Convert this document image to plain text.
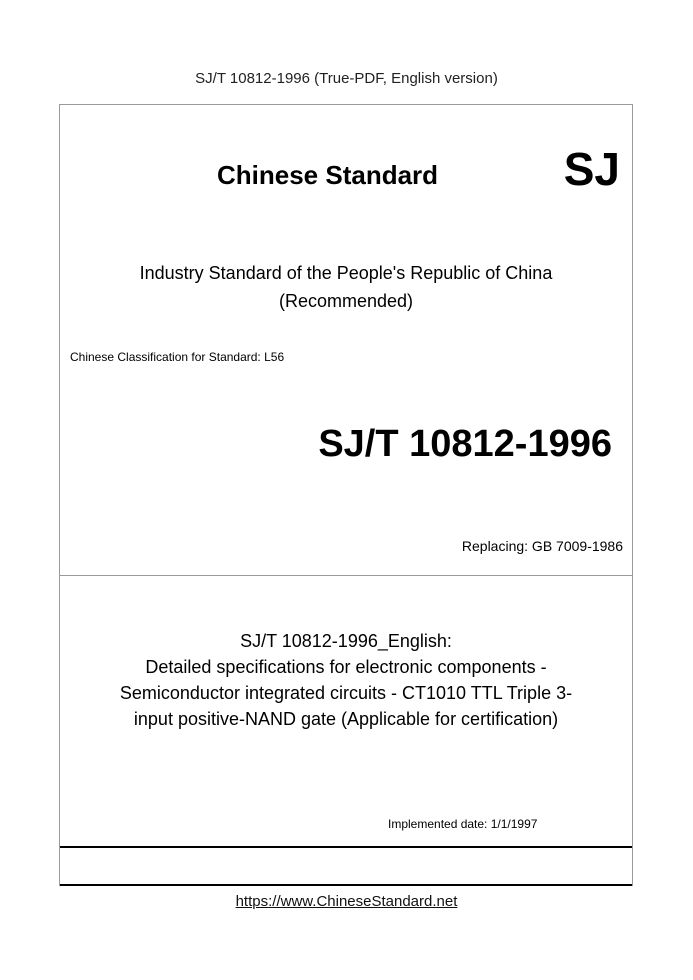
SJ/T 10812-1996 (True-PDF, English version)
Chinese Standard	SJ
Industry Standard of the People's Republic of China
(Recommended)
Chinese Classification for Standard: L56
SJ/T 10812-1996
Replacing: GB 7009-1986
SJ/T 10812-1996_English:
Detailed specifications for electronic components -
Semiconductor integrated circuits - CT1010 TTL Triple 3-
input positive-NAND gate (Applicable for certification)
Implemented date: 1/1/1997
https://www.ChineseStandard.net
